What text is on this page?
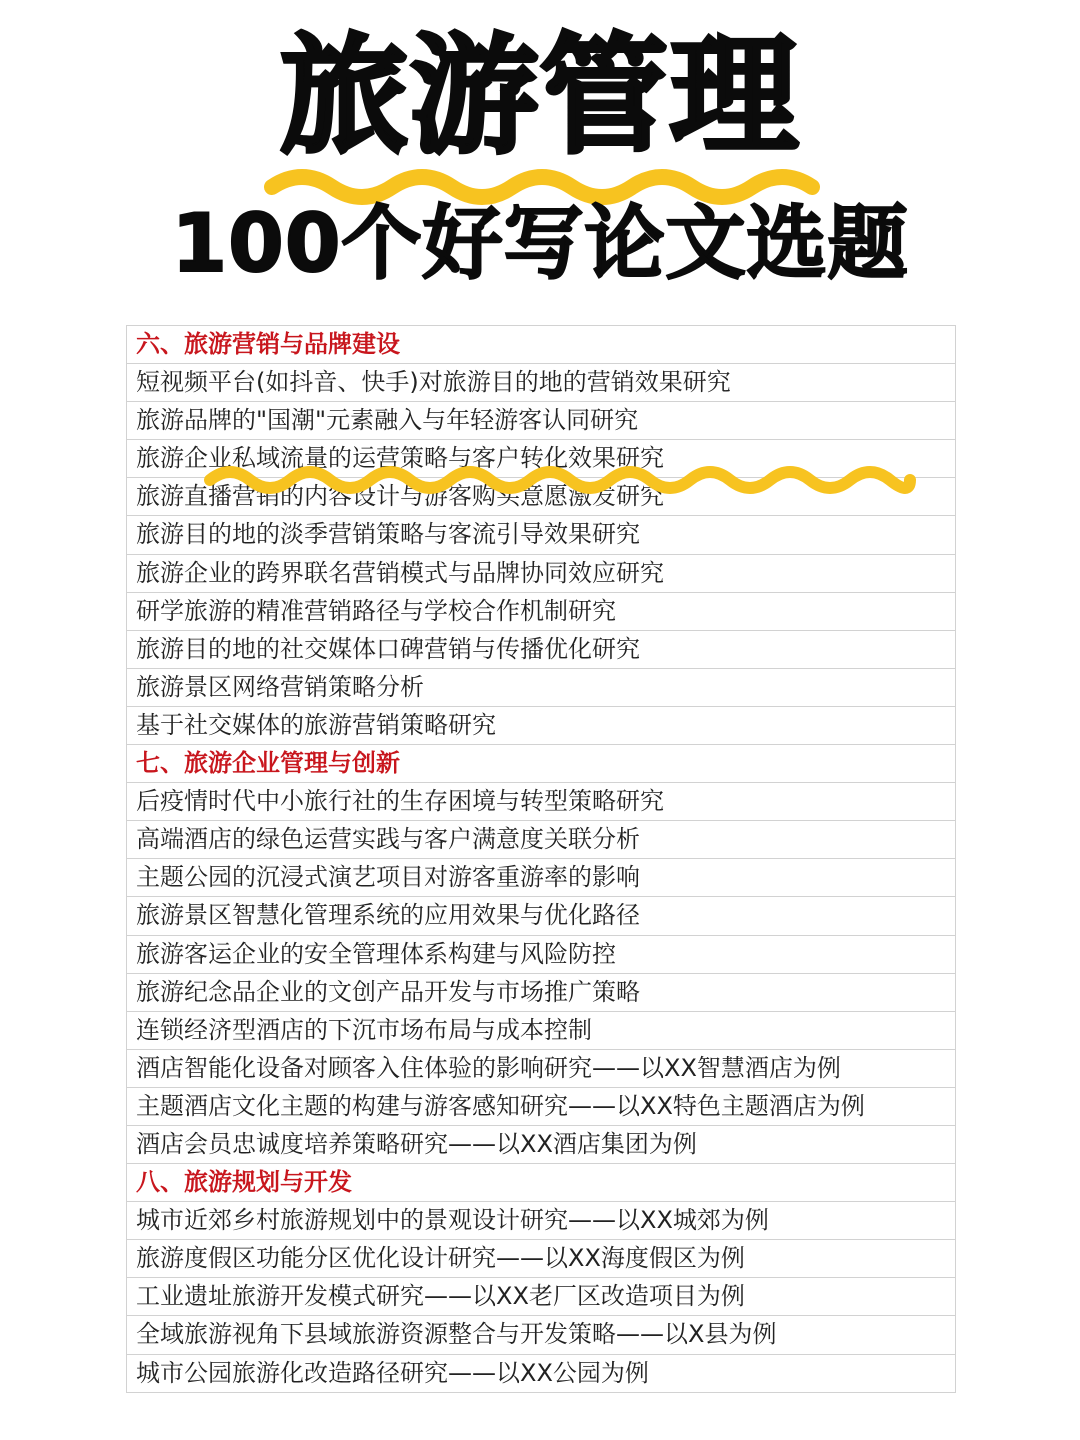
旅游管理
100个好写论文选题
六、旅游营销与品牌建设
短视频平台(如抖音、快手)对旅游目的地的营销效果研究
旅游品牌的"国潮"元素融入与年轻游客认同研究
旅游企业私域流量的运营策略与客户转化效果研究
旅游直播营销的内容设计与游客购买意愿激发研究
旅游目的地的淡季营销策略与客流引导效果研究
旅游企业的跨界联名营销模式与品牌协同效应研究
研学旅游的精准营销路径与学校合作机制研究
旅游目的地的社交媒体口碑营销与传播优化研究
旅游景区网络营销策略分析
基于社交媒体的旅游营销策略研究
七、旅游企业管理与创新
后疫情时代中小旅行社的生存困境与转型策略研究
高端酒店的绿色运营实践与客户满意度关联分析
主题公园的沉浸式演艺项目对游客重游率的影响
旅游景区智慧化管理系统的应用效果与优化路径
旅游客运企业的安全管理体系构建与风险防控
旅游纪念品企业的文创产品开发与市场推广策略
连锁经济型酒店的下沉市场布局与成本控制
酒店智能化设备对顾客入住体验的影响研究——以XX智慧酒店为例
主题酒店文化主题的构建与游客感知研究——以XX特色主题酒店为例
酒店会员忠诚度培养策略研究——以XX酒店集团为例
八、旅游规划与开发
城市近郊乡村旅游规划中的景观设计研究——以XX城郊为例
旅游度假区功能分区优化设计研究——以XX海度假区为例
工业遗址旅游开发模式研究——以XX老厂区改造项目为例
全域旅游视角下县域旅游资源整合与开发策略——以X县为例
城市公园旅游化改造路径研究——以XX公园为例
